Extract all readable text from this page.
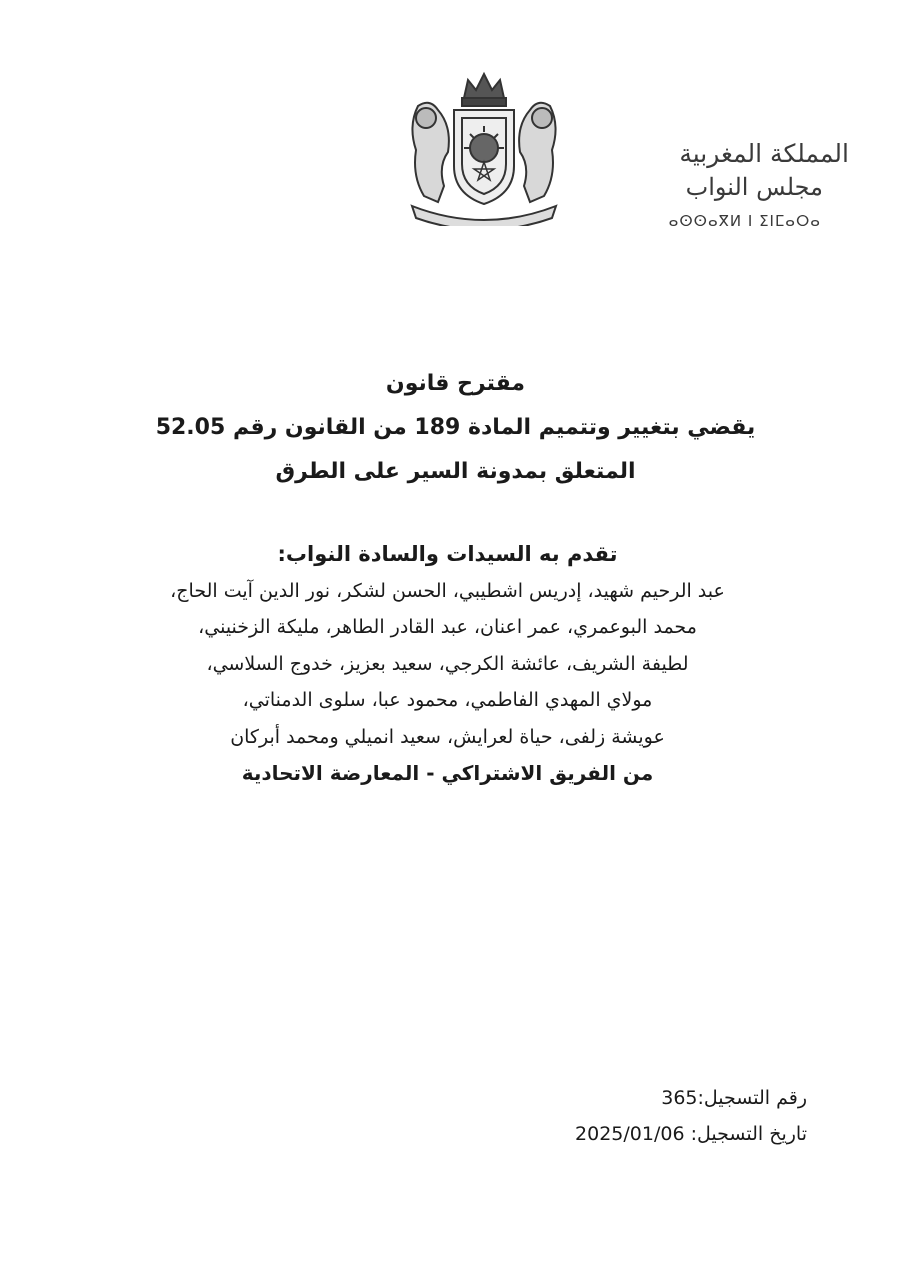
المملكة المغربية
مجلس النواب
ⴰⵙⵙⴰⴳⵍ ⵏ ⵉⵏⵎⴰⵔⴰ
مقترح قانون
يقضي بتغيير وتتميم المادة 189 من القانون رقم 52.05
المتعلق بمدونة السير على الطرق
تقدم به السيدات والسادة النواب:
عبد الرحيم شهيد، إدريس اشطيبي، الحسن لشكر، نور الدين آيت الحاج،
محمد البوعمري، عمر اعنان، عبد القادر الطاهر، مليكة الزخنيني،
لطيفة الشريف، عائشة الكرجي، سعيد بعزيز، خدوج السلاسي،
مولاي المهدي الفاطمي، محمود عبا، سلوى الدمناتي،
عويشة زلفى، حياة لعرايش، سعيد انميلي ومحمد أبركان
من الفريق الاشتراكي - المعارضة الاتحادية
رقم التسجيل:365
تاريخ التسجيل: 2025/01/06
